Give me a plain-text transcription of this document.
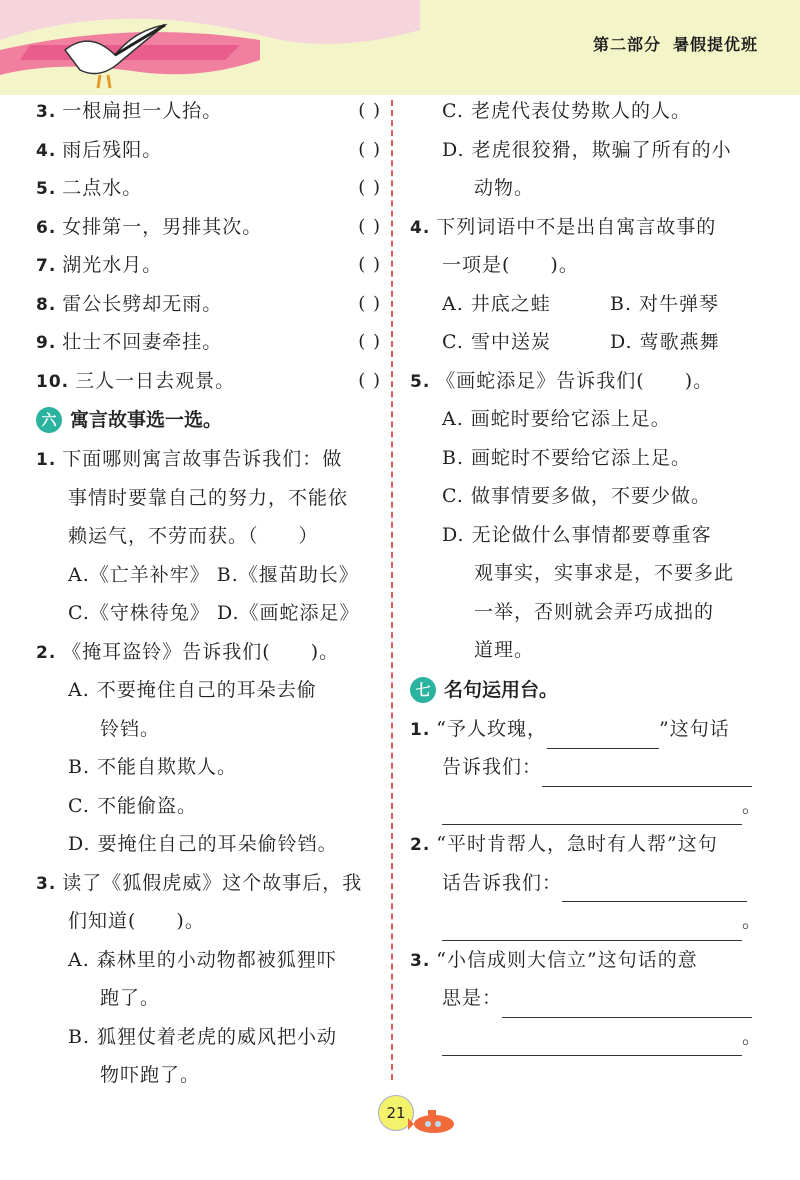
第二部分 暑假提优班
3. 一根扁担一人抬。	( )
4. 雨后残阳。	( )
5. 二点水。	( )
6. 女排第一，男排其次。	( )
7. 湖光水月。	( )
8. 雷公长劈却无雨。	( )
9. 壮士不回妻牵挂。	( )
10. 三人一日去观景。	( )
六 寓言故事选一选。
1. 下面哪则寓言故事告诉我们：做
事情时要靠自己的努力，不能依
赖运气，不劳而获。（　　）
A.《亡羊补牢》 B.《揠苗助长》
C.《守株待兔》 D.《画蛇添足》
2. 《掩耳盗铃》告诉我们(　　)。
A. 不要掩住自己的耳朵去偷
铃铛。
B. 不能自欺欺人。
C. 不能偷盗。
D. 要掩住自己的耳朵偷铃铛。
3. 读了《狐假虎威》这个故事后，我
们知道(　　)。
A. 森林里的小动物都被狐狸吓
跑了。
B. 狐狸仗着老虎的威风把小动
物吓跑了。
C. 老虎代表仗势欺人的人。
D. 老虎很狡猾，欺骗了所有的小
动物。
4. 下列词语中不是出自寓言故事的
一项是(　　)。
A. 井底之蛙	B. 对牛弹琴
C. 雪中送炭	D. 莺歌燕舞
5. 《画蛇添足》告诉我们(　　)。
A. 画蛇时要给它添上足。
B. 画蛇时不要给它添上足。
C. 做事情要多做，不要少做。
D. 无论做什么事情都要尊重客
观事实，实事求是，不要多此
一举，否则就会弄巧成拙的
道理。
七 名句运用台。
1. “予人玫瑰，	”这句话
告诉我们：
。
2. “平时肯帮人，急时有人帮”这句
话告诉我们：
。
3. “小信成则大信立”这句话的意
思是：
。
21
